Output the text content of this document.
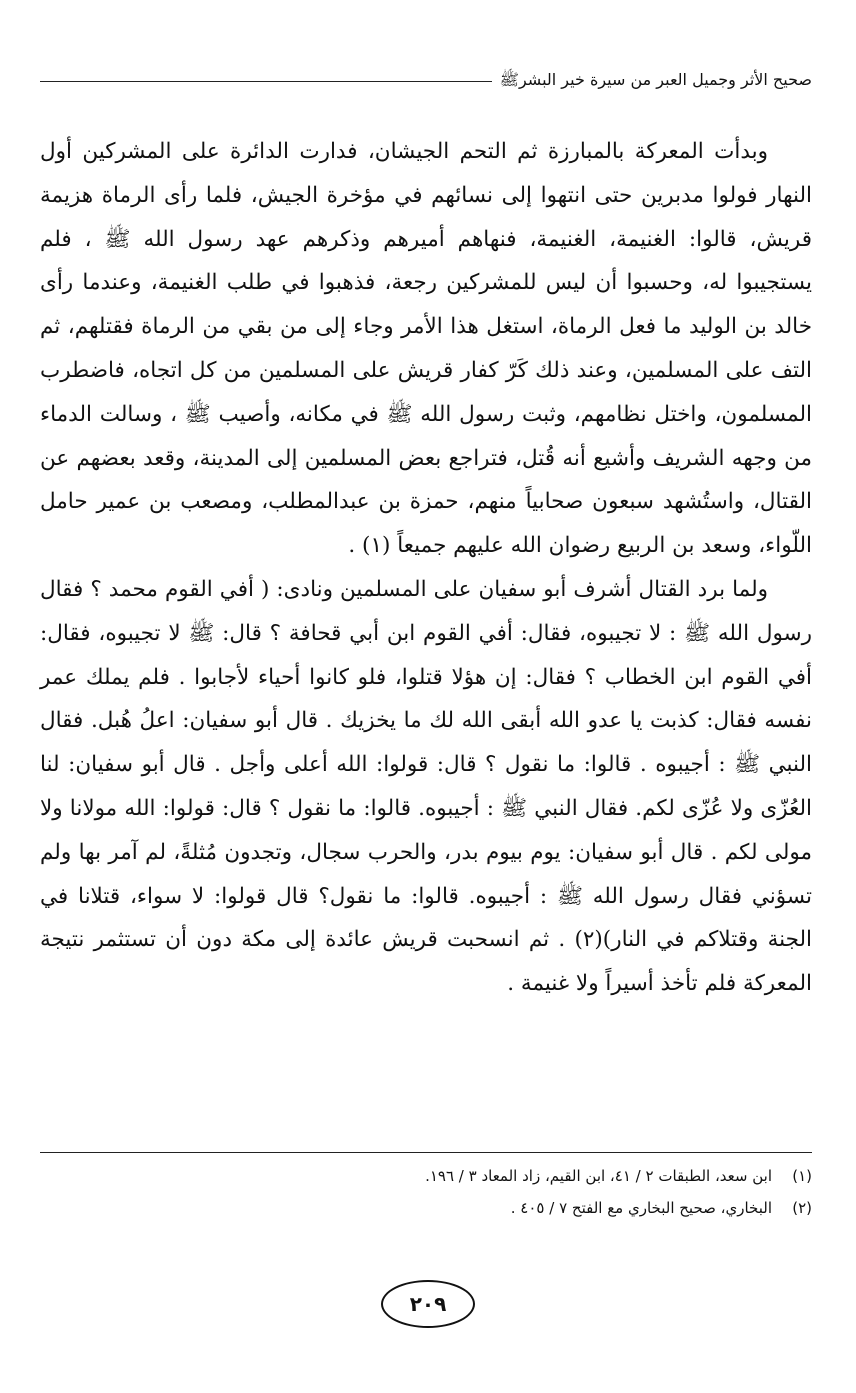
صحيح الأثر وجميل العبر من سيرة خير البشرﷺ

وبدأت المعركة بالمبارزة ثم التحم الجيشان، فدارت الدائرة على المشركين أول النهار فولوا مدبرين حتى انتهوا إلى نسائهم في مؤخرة الجيش، فلما رأى الرماة هزيمة قريش، قالوا: الغنيمة، الغنيمة، فنهاهم أميرهم وذكرهم عهد رسول الله ﷺ ، فلم يستجيبوا له، وحسبوا أن ليس للمشركين رجعة، فذهبوا في طلب الغنيمة، وعندما رأى خالد بن الوليد ما فعل الرماة، استغل هذا الأمر وجاء إلى من بقي من الرماة فقتلهم، ثم التف على المسلمين، وعند ذلك كَرّ كفار قريش على المسلمين من كل اتجاه، فاضطرب المسلمون، واختل نظامهم، وثبت رسول الله ﷺ في مكانه، وأصيب ﷺ ، وسالت الدماء من وجهه الشريف وأشيع أنه قُتل، فتراجع بعض المسلمين إلى المدينة، وقعد بعضهم عن القتال، واستُشهد سبعون صحابياً منهم، حمزة بن عبدالمطلب، ومصعب بن عمير حامل اللّواء، وسعد بن الربيع رضوان الله عليهم جميعاً (١) .

ولما برد القتال أشرف أبو سفيان على المسلمين ونادى: ( أفي القوم محمد ؟ فقال رسول الله ﷺ : لا تجيبوه، فقال: أفي القوم ابن أبي قحافة ؟ قال: ﷺ لا تجيبوه، فقال: أفي القوم ابن الخطاب ؟ فقال: إن هؤلا قتلوا، فلو كانوا أحياء لأجابوا . فلم يملك عمر نفسه فقال: كذبت يا عدو الله أبقى الله لك ما يخزيك . قال أبو سفيان: اعلُ هُبل. فقال النبي ﷺ : أجيبوه . قالوا: ما نقول ؟ قال: قولوا: الله أعلى وأجل . قال أبو سفيان: لنا العُزّى ولا عُزّى لكم. فقال النبي ﷺ : أجيبوه. قالوا: ما نقول ؟ قال: قولوا: الله مولانا ولا مولى لكم . قال أبو سفيان: يوم بيوم بدر، والحرب سجال، وتجدون مُثلةً، لم آمر بها ولم تسؤني فقال رسول الله ﷺ : أجيبوه. قالوا: ما نقول؟ قال قولوا: لا سواء، قتلانا في الجنة وقتلاكم في النار)(٢) . ثم انسحبت قريش عائدة إلى مكة دون أن تستثمر نتيجة المعركة فلم تأخذ أسيراً ولا غنيمة .

(١)
ابن سعد، الطبقات ٢ / ٤١، ابن القيم، زاد المعاد ٣ / ١٩٦.
(٢)
البخاري، صحيح البخاري مع الفتح ٧ / ٤٠٥ .
٢٠٩
